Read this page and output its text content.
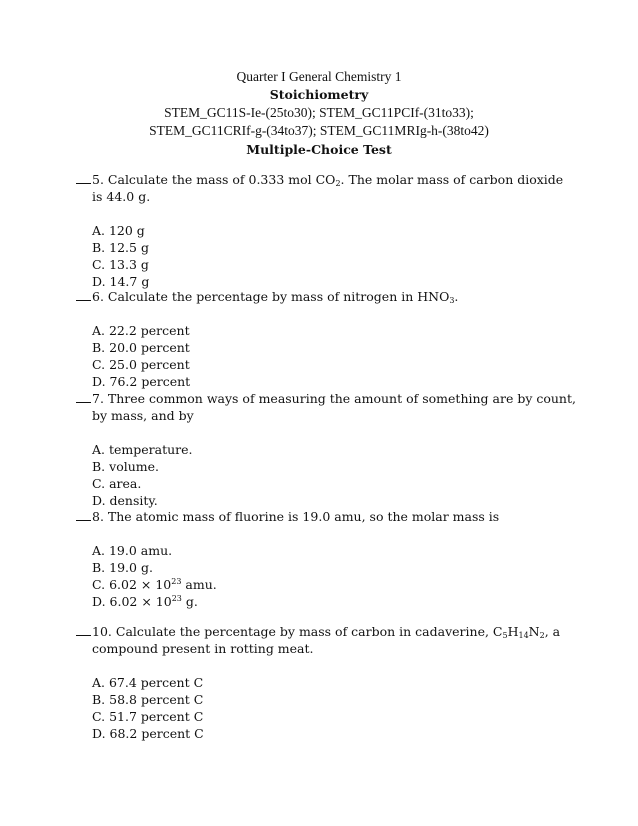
Quarter I General Chemistry 1
Stoichiometry
STEM_GC11S-Ie-(25to30); STEM_GC11PCIf-(31to33);
STEM_GC11CRIf-g-(34to37); STEM_GC11MRIg-h-(38to42)
Multiple-Choice Test
5. Calculate the mass of 0.333 mol $CO_2$. The molar mass of carbon dioxide is 44.0 g.
A. 120 g
B. 12.5 g
C. 13.3 g
D. 14.7 g
6. Calculate the percentage by mass of nitrogen in $HNO_3$.
A. 22.2 percent
B. 20.0 percent
C. 25.0 percent
D. 76.2 percent
7. Three common ways of measuring the amount of something are by count, by mass, and by
A. temperature.
B. volume.
C. area.
D. density.
8. The atomic mass of fluorine is 19.0 amu, so the molar mass is
A. 19.0 amu.
B. 19.0 g.
C. $6.02 \times 10^{23}$ amu.
D. $6.02 \times 10^{23}$ g.
10. Calculate the percentage by mass of carbon in cadaverine, $C_5H_{14}N_2$, a compound present in rotting meat.
A. 67.4 percent C
B. 58.8 percent C
C. 51.7 percent C
D. 68.2 percent C
